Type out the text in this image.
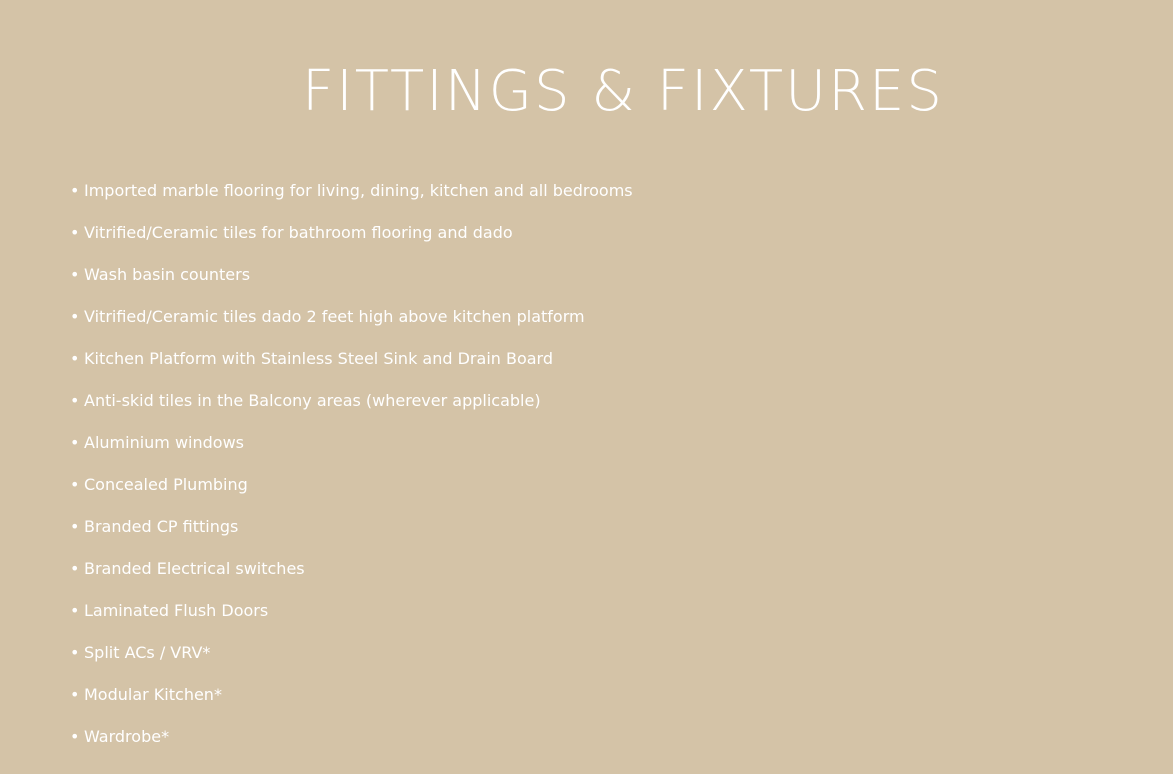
FITTINGS & FIXTURES
• Imported marble flooring for living, dining, kitchen and all bedrooms
• Vitrified/Ceramic tiles for bathroom flooring and dado
• Wash basin counters
• Vitrified/Ceramic tiles dado 2 feet high above kitchen platform
• Kitchen Platform with Stainless Steel Sink and Drain Board
• Anti-skid tiles in the Balcony areas (wherever applicable)
• Aluminium windows
• Concealed Plumbing
• Branded CP fittings
• Branded Electrical switches
• Laminated Flush Doors
• Split ACs / VRV*
• Modular Kitchen*
• Wardrobe*
